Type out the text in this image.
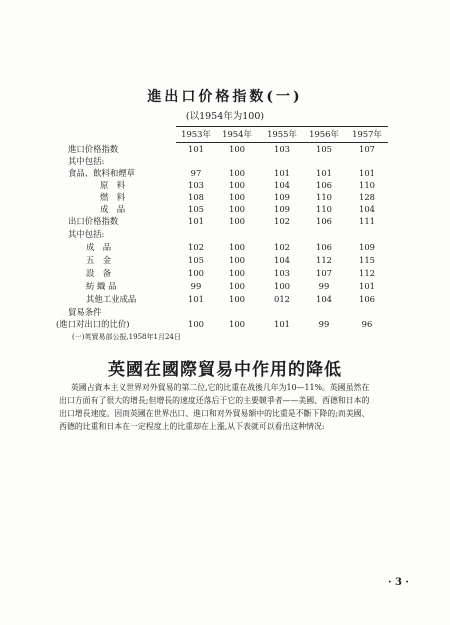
進出口价格指数(一)
(以1954年为100)
1953年	1954年	1955年	1956年	1957年
進口价格指数	101	100	103	105	107
其中包括:
食品、飲料和煙草	97	100	101	101	101
原　料	103	100	104	106	110
燃　料	108	100	109	110	128
成　品	105	100	109	110	104
出口价格指数	101	100	102	106	111
其中包括:
成　品	102	100	102	106	109
五　金	105	100	104	112	115
設　备	100	100	103	107	112
紡 織 品	99	100	100	99	101
其他工业成品	101	100	012	104	106
貿易条件
(進口对出口的比价)	100	100	101	99	96
(一)英貿易部公报,1958年1月24日
英國在國際貿易中作用的降低
英國占資本主义世界对外貿易的第二位,它的比重在战後几年为10—11%。英國虽然在
出口方面有了很大的增長;但增長的速度还落后于它的主要競爭者——美國、西德和日本的
出口增長速度。因而英國在世界出口、進口和对外貿易額中的比重是不斷下降的;而美國、
西德的比重和日本在一定程度上的比重却在上漲,从下表就可以看出这种情况:
· 3 ·
